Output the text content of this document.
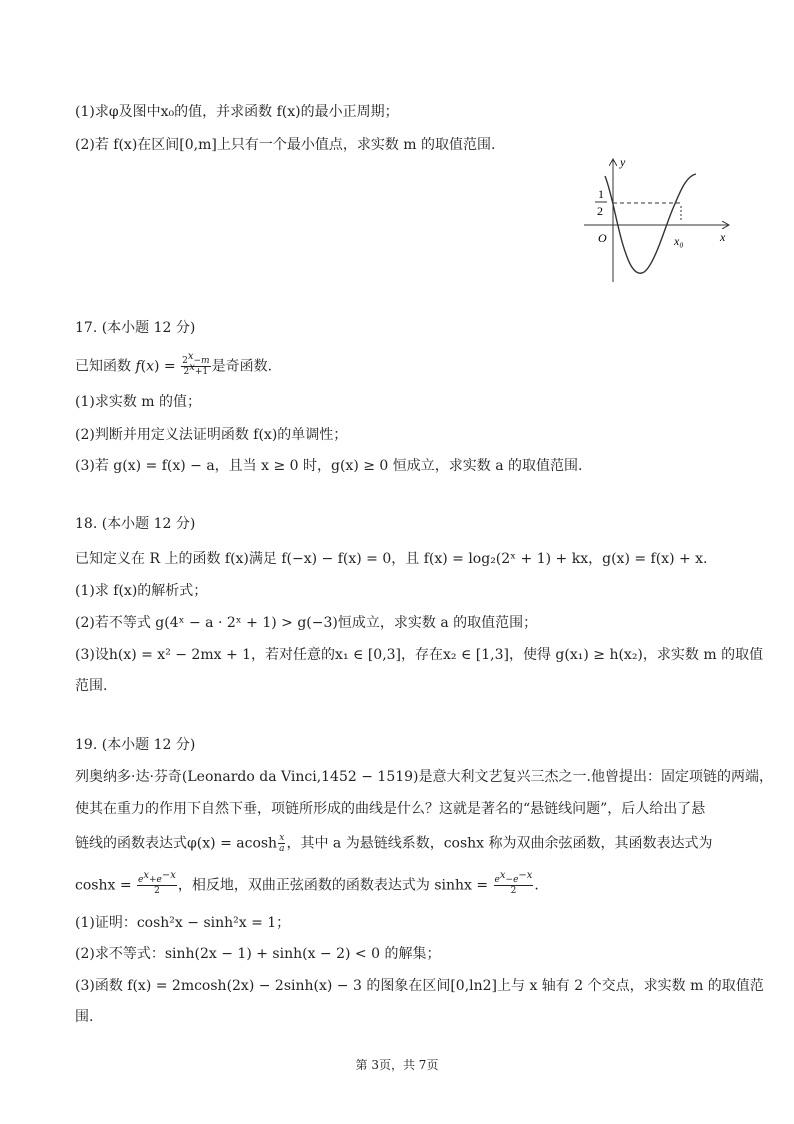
(1)求φ及图中x₀的值，并求函数 f(x)的最小正周期；
(2)若 f(x)在区间[0,m]上只有一个最小值点，求实数 m 的取值范围.
y
x
O
1
2
x₀
17. (本小题 12 分)
已知函数 $f(x) = \frac{2^x-m}{2^x+1}$ 是奇函数.
(1)求实数 m 的值；
(2)判断并用定义法证明函数 f(x)的单调性；
(3)若 g(x) = f(x) − a，且当 x ≥ 0 时，g(x) ≥ 0 恒成立，求实数 a 的取值范围.
18. (本小题 12 分)
已知定义在 R 上的函数 f(x)满足 f(−x) − f(x) = 0，且 f(x) = log₂(2ˣ + 1) + kx，g(x) = f(x) + x.
(1)求 f(x)的解析式；
(2)若不等式 g(4ˣ − a · 2ˣ + 1) > g(−3)恒成立，求实数 a 的取值范围；
(3)设h(x) = x² − 2mx + 1，若对任意的x₁ ∈ [0,3]，存在x₂ ∈ [1,3]，使得 g(x₁) ≥ h(x₂)，求实数 m 的取值
范围.
19. (本小题 12 分)
列奥纳多·达·芬奇(Leonardo da Vinci,1452 − 1519)是意大利文艺复兴三杰之一.他曾提出：固定项链的两端，
使其在重力的作用下自然下垂，项链所形成的曲线是什么？这就是著名的“悬链线问题”，后人给出了悬
链线的函数表达式φ(x) = acosh $\frac{x}{a}$ ，其中 a 为悬链线系数，coshx 称为双曲余弦函数，其函数表达式为
$\cosh x = \frac{e^x+e^{-x}}{2}$ ，相反地，双曲正弦函数的函数表达式为 $\sinh x = \frac{e^x-e^{-x}}{2}$ .
(1)证明：cosh²x − sinh²x = 1；
(2)求不等式：sinh(2x − 1) + sinh(x − 2) < 0 的解集；
(3)函数 f(x) = 2mcosh(2x) − 2sinh(x) − 3 的图象在区间[0,ln2]上与 x 轴有 2 个交点，求实数 m 的取值范
围.
第 3页，共 7页
